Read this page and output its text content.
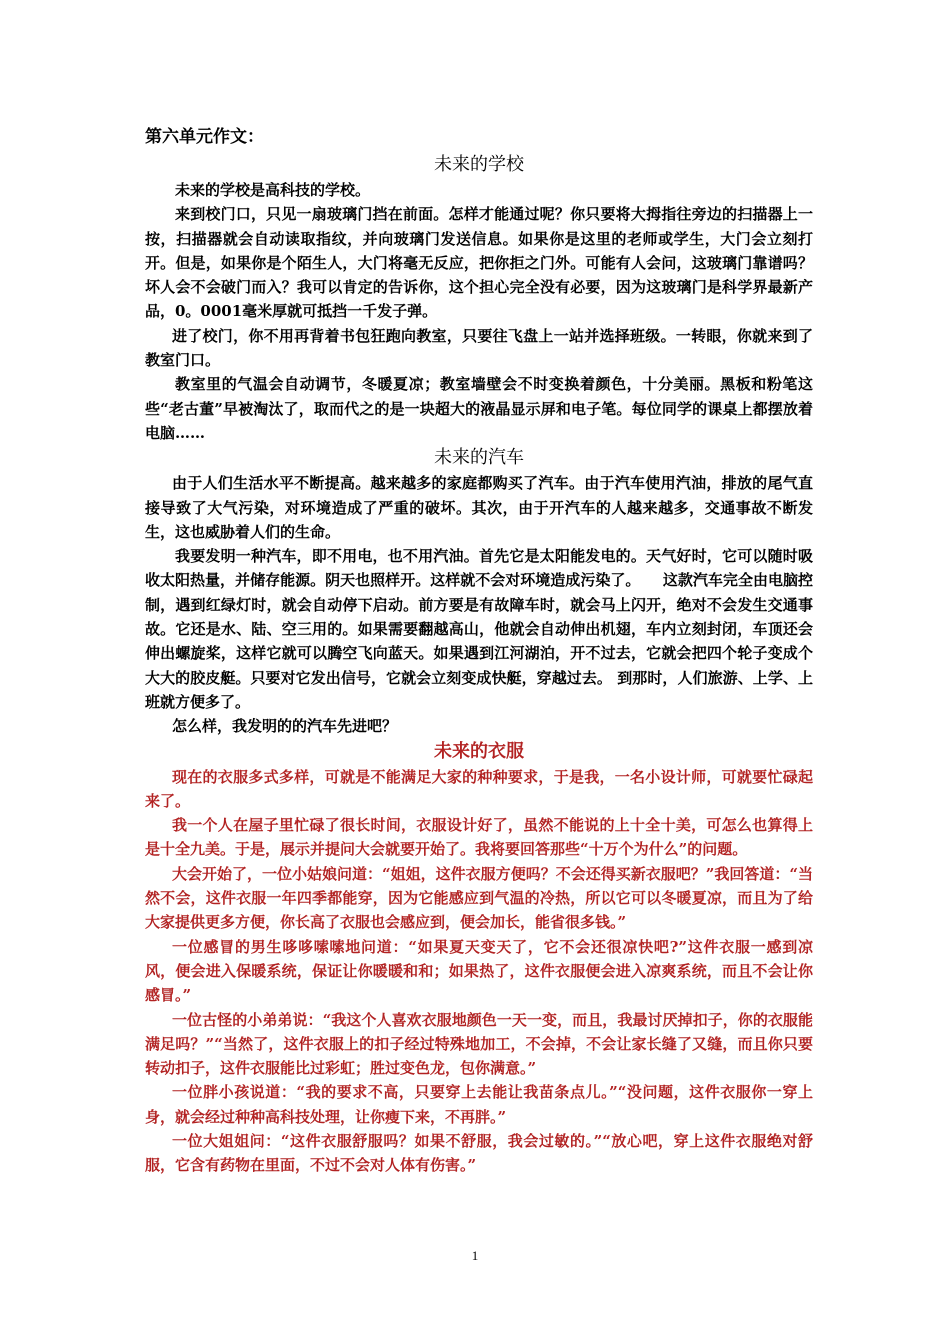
第六单元作文：
未来的学校

未来的学校是高科技的学校。

来到校门口，只见一扇玻璃门挡在前面。怎样才能通过呢？你只要将大拇指往旁边的扫描器上一按，扫描器就会自动读取指纹，并向玻璃门发送信息。如果你是这里的老师或学生，大门会立刻打开。但是，如果你是个陌生人，大门将毫无反应，把你拒之门外。可能有人会问，这玻璃门靠谱吗？坏人会不会破门而入？我可以肯定的告诉你，这个担心完全没有必要，因为这玻璃门是科学界最新产品，0。0001毫米厚就可抵挡一千发子弹。

进了校门，你不用再背着书包狂跑向教室，只要往飞盘上一站并选择班级。一转眼，你就来到了教室门口。

教室里的气温会自动调节，冬暖夏凉；教室墙壁会不时变换着颜色，十分美丽。黑板和粉笔这些“老古董”早被淘汰了，取而代之的是一块超大的液晶显示屏和电子笔。每位同学的课桌上都摆放着电脑……

未来的汽车

由于人们生活水平不断提高。越来越多的家庭都购买了汽车。由于汽车使用汽油，排放的尾气直接导致了大气污染，对环境造成了严重的破坏。其次，由于开汽车的人越来越多，交通事故不断发生，这也威胁着人们的生命。

我要发明一种汽车，即不用电，也不用汽油。首先它是太阳能发电的。天气好时，它可以随时吸收太阳热量，并储存能源。阴天也照样开。这样就不会对环境造成污染了。　　这款汽车完全由电脑控制，遇到红绿灯时，就会自动停下启动。前方要是有故障车时，就会马上闪开，绝对不会发生交通事故。它还是水、陆、空三用的。如果需要翻越高山，他就会自动伸出机翅，车内立刻封闭，车顶还会伸出螺旋桨，这样它就可以腾空飞向蓝天。如果遇到江河湖泊，开不过去，它就会把四个轮子变成个大大的胶皮艇。只要对它发出信号，它就会立刻变成快艇，穿越过去。 到那时，人们旅游、上学、上班就方便多了。

怎么样，我发明的的汽车先进吧？

未来的衣服

现在的衣服多式多样，可就是不能满足大家的种种要求，于是我，一名小设计师，可就要忙碌起来了。

我一个人在屋子里忙碌了很长时间，衣服设计好了，虽然不能说的上十全十美，可怎么也算得上是十全九美。于是，展示并提问大会就要开始了。我将要回答那些“十万个为什么”的问题。

大会开始了，一位小姑娘问道：“姐姐，这件衣服方便吗？不会还得买新衣服吧？”我回答道：“当然不会，这件衣服一年四季都能穿，因为它能感应到气温的冷热，所以它可以冬暖夏凉，而且为了给大家提供更多方便，你长高了衣服也会感应到，便会加长，能省很多钱。”

一位感冒的男生哆哆嗦嗦地问道：“如果夏天变天了，它不会还很凉快吧?”这件衣服一感到凉风，便会进入保暖系统，保证让你暖暖和和；如果热了，这件衣服便会进入凉爽系统，而且不会让你感冒。”

一位古怪的小弟弟说：“我这个人喜欢衣服地颜色一天一变，而且，我最讨厌掉扣子，你的衣服能满足吗？”“当然了，这件衣服上的扣子经过特殊地加工，不会掉，不会让家长缝了又缝，而且你只要转动扣子，这件衣服能比过彩虹；胜过变色龙，包你满意。”

一位胖小孩说道：“我的要求不高，只要穿上去能让我苗条点儿。”“没问题，这件衣服你一穿上身，就会经过种种高科技处理，让你瘦下来，不再胖。”

一位大姐姐问：“这件衣服舒服吗？如果不舒服，我会过敏的。”“放心吧，穿上这件衣服绝对舒服，它含有药物在里面，不过不会对人体有伤害。”

1
